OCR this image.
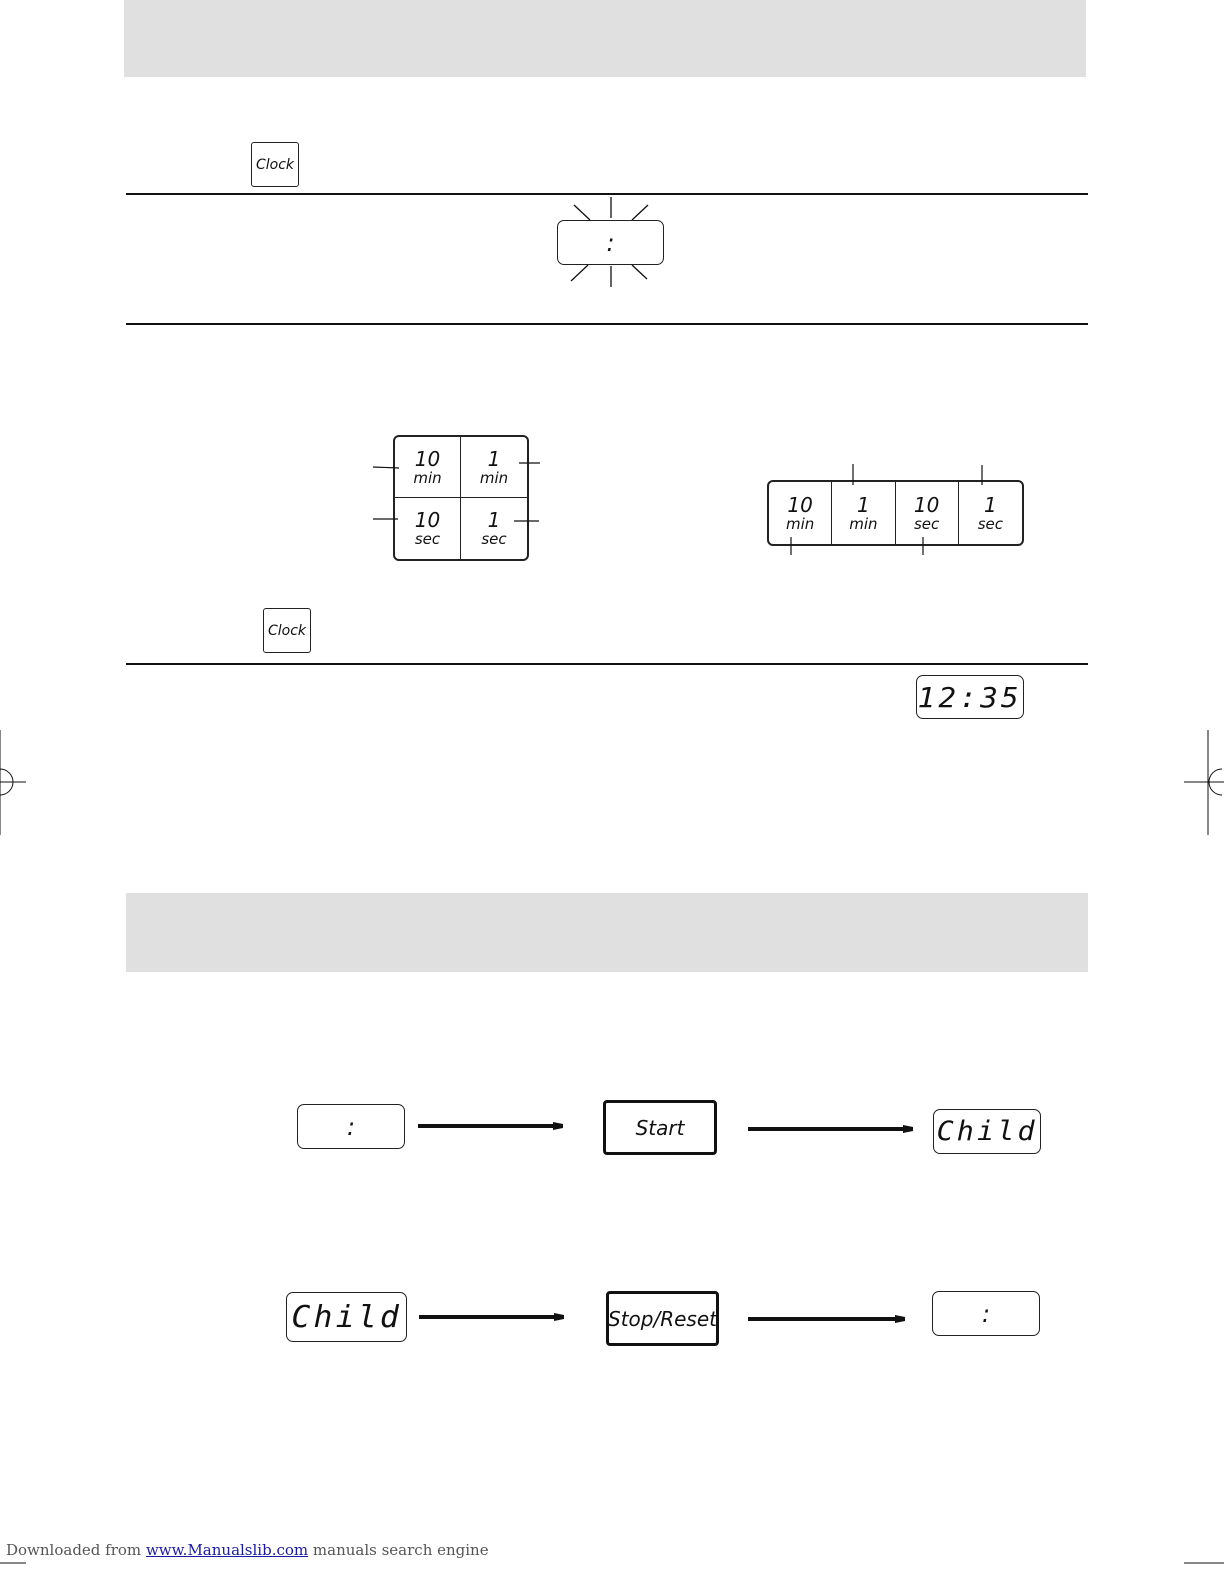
Clock
:
10
min
1
min
10
sec
1
sec
10
min
1
min
10
sec
1
sec
Clock
12:35
:	Start	Child
Child	Stop/Reset	:
Downloaded from www.Manualslib.com manuals search engine
